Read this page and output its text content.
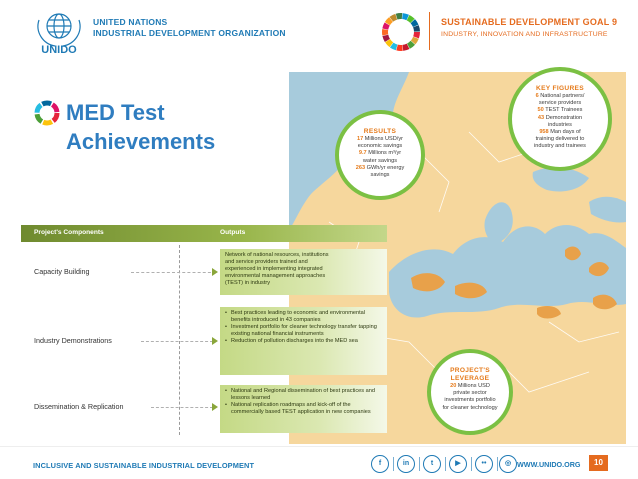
UNIDO
UNITED NATIONS
INDUSTRIAL DEVELOPMENT ORGANIZATION
SUSTAINABLE DEVELOPMENT GOAL 9
INDUSTRY, INNOVATION AND INFRASTRUCTURE
MED Test
Achievements	RESULTS
17 Millions USD/yr
economic savings
9.7 Millions m³/yr
water savings
263 GWh/yr energy
savings
KEY FIGURES
6 National partners/
service providers
50 TEST Trainees
43 Demonstration
industries
958 Man days of
training delivered to
industry and trainees
PROJECT'S
LEVERAGE
20 Millions USD
private sector
investments portfolio
for cleaner technology
Project's Components	Outputs
Capacity Building
Network of national resources, institutions
and service providers trained and
experienced in implementing integrated
environmental management approaches
(TEST) in industry
Industry Demonstrations
• Best practices leading to economic and environmental benefits introduced in 43 companies
• Investment portfolio for cleaner technology transfer tapping existing national financial instruments
• Reduction of pollution discharges into the MED sea
Dissemination & Replication
• National and Regional dissemination of best practices and lessons learned
• National replication roadmaps and kick-off of the commercially based TEST application in new companies
INCLUSIVE AND SUSTAINABLE INDUSTRIAL DEVELOPMENT	f	in	t	▶	••	◎ WWW.UNIDO.ORG	10
